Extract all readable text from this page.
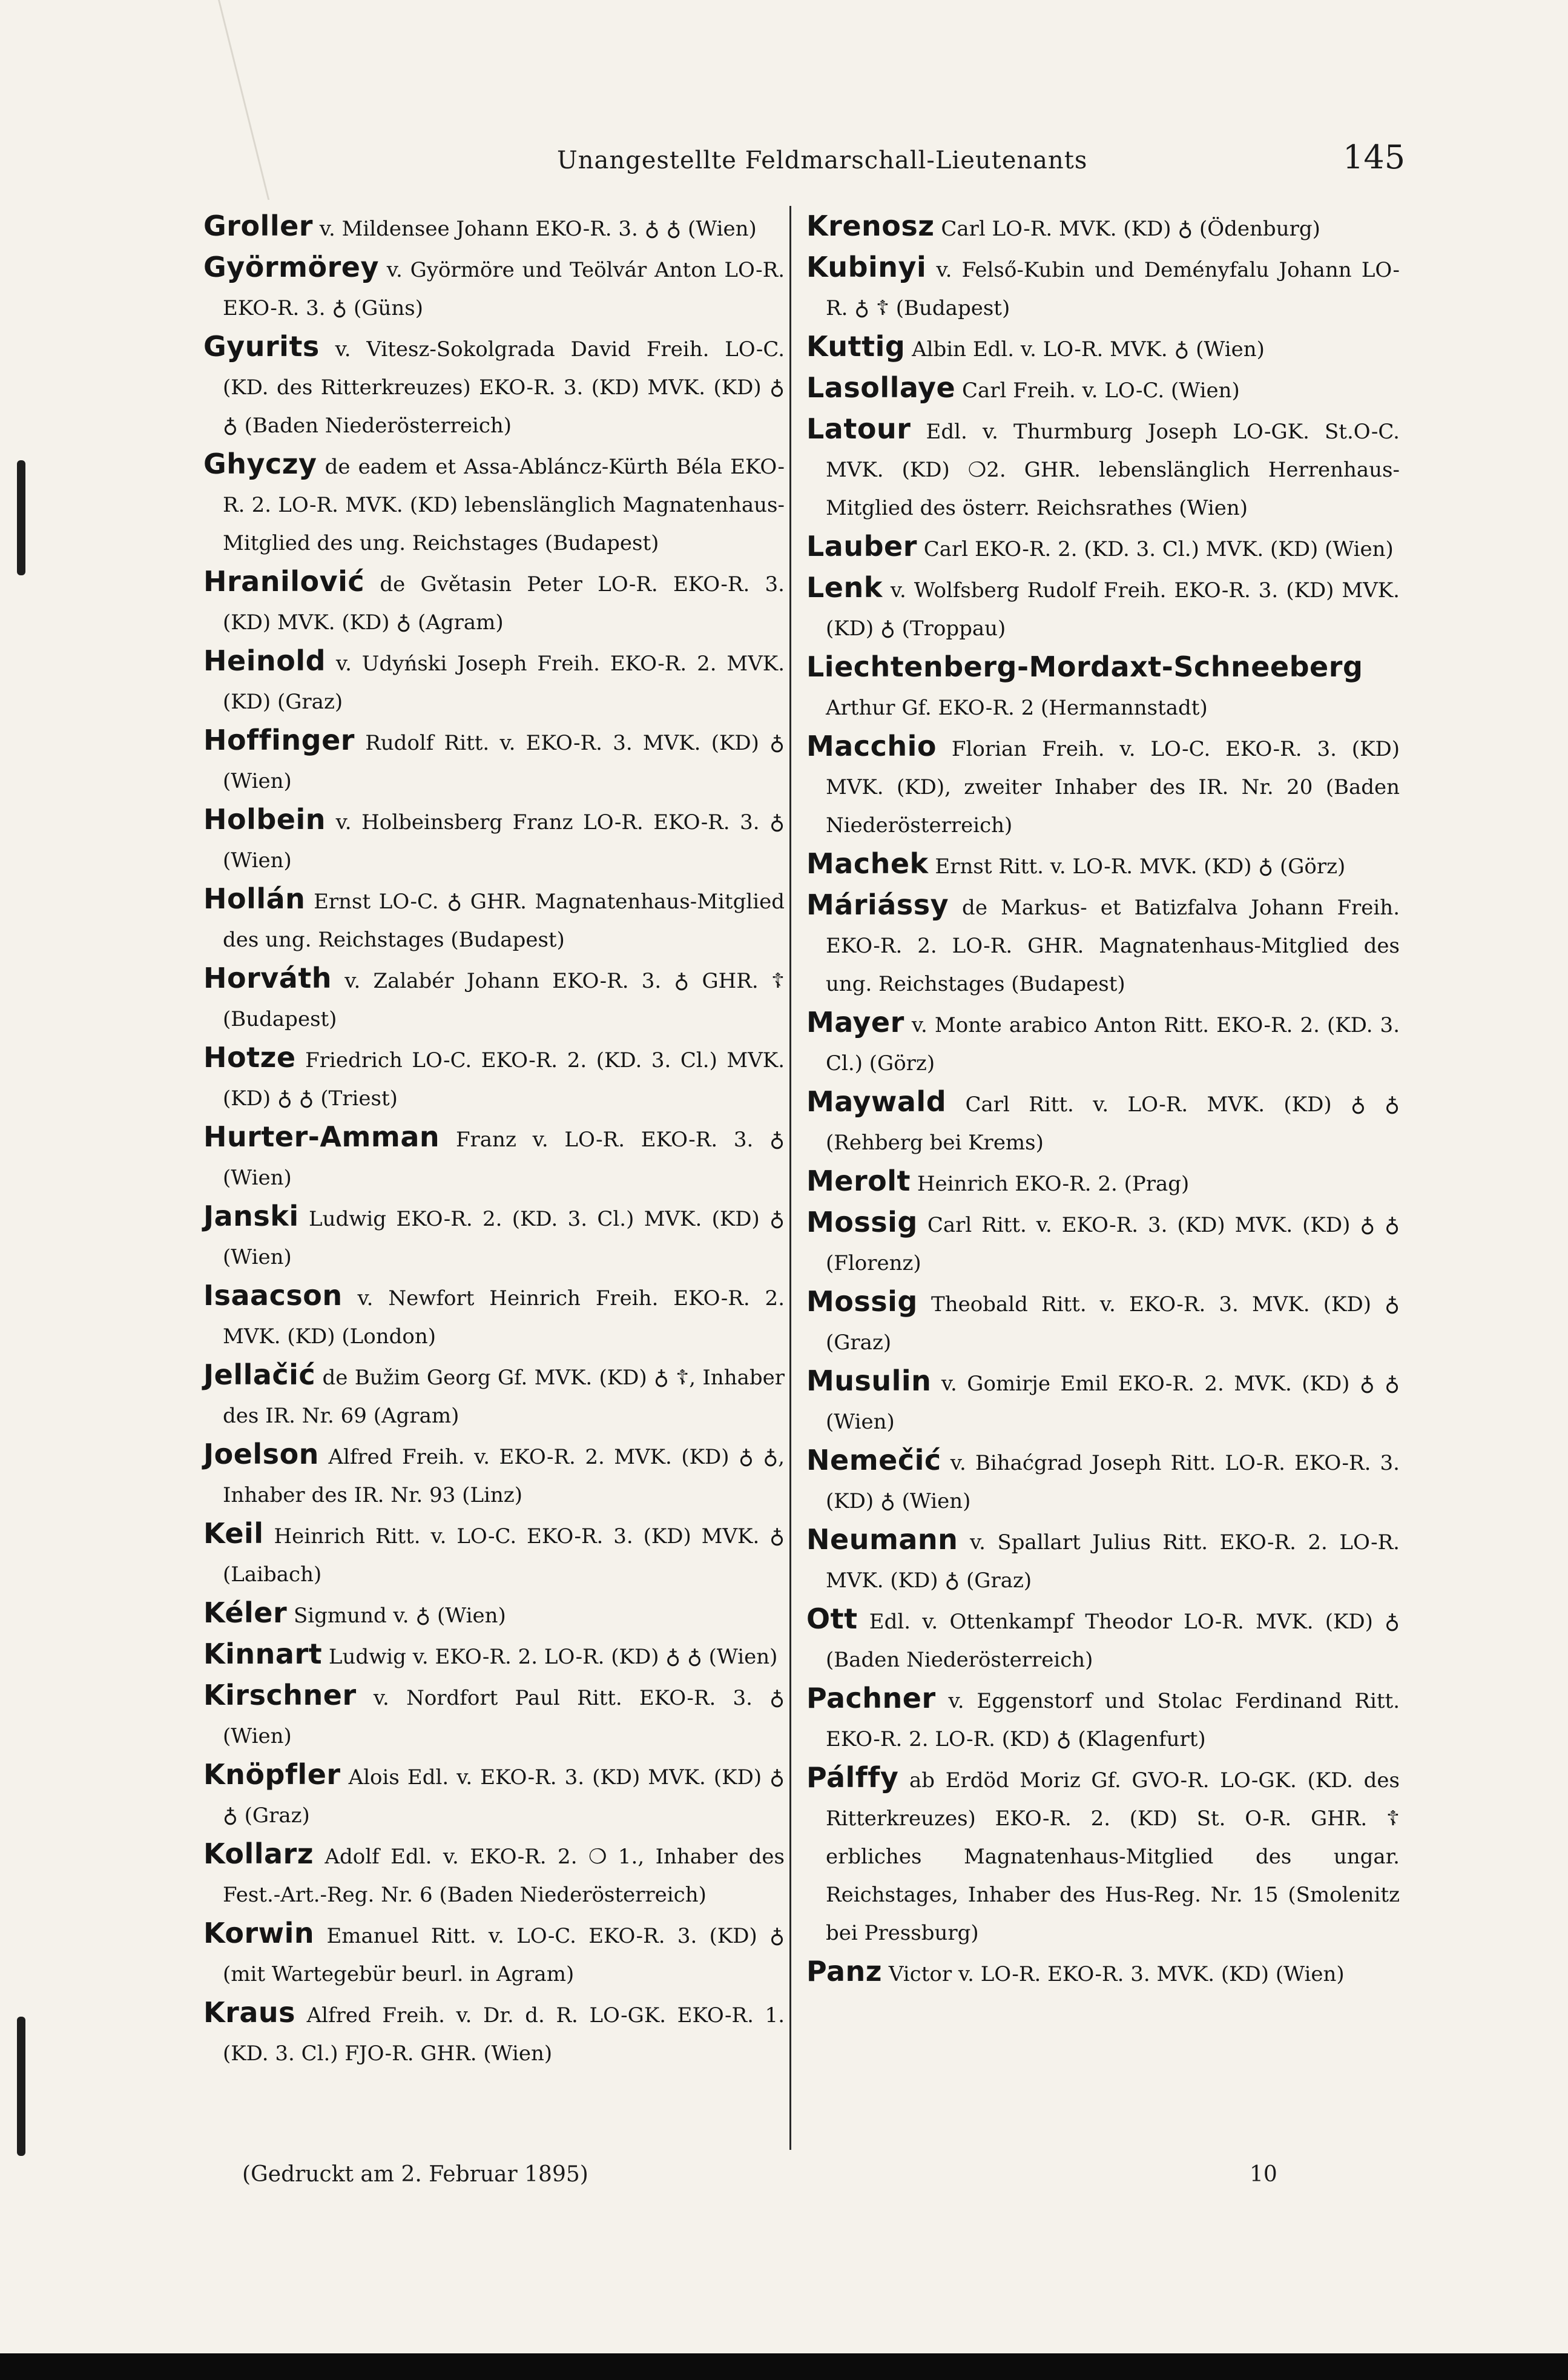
Unangestellte Feldmarschall-Lieutenants	145

Groller v. Mildensee Johann EKO-R. 3. ♁ ♁ (Wien)

Györmörey v. Györmöre und Teölvár Anton LO-R. EKO-R. 3. ♁ (Güns)

Gyurits v. Vitesz-Sokolgrada David Freih. LO-C. (KD. des Ritterkreuzes) EKO-R. 3. (KD) MVK. (KD) ♁ ♁ (Baden Niederösterreich)

Ghyczy de eadem et Assa-Abláncz-Kürth Béla EKO-R. 2. LO-R. MVK. (KD) lebenslänglich Magnatenhaus-Mitglied des ung. Reichstages (Budapest)

Hranilović de Gvětasin Peter LO-R. EKO-R. 3. (KD) MVK. (KD) ♁ (Agram)

Heinold v. Udyński Joseph Freih. EKO-R. 2. MVK. (KD) (Graz)

Hoffinger Rudolf Ritt. v. EKO-R. 3. MVK. (KD) ♁ (Wien)

Holbein v. Holbeinsberg Franz LO-R. EKO-R. 3. ♁ (Wien)

Hollán Ernst LO-C. ♁ GHR. Magnatenhaus-Mitglied des ung. Reichstages (Budapest)

Horváth v. Zalabér Johann EKO-R. 3. ♁ GHR. ☦ (Budapest)

Hotze Friedrich LO-C. EKO-R. 2. (KD. 3. Cl.) MVK. (KD) ♁ ♁ (Triest)

Hurter-Amman Franz v. LO-R. EKO-R. 3. ♁ (Wien)

Janski Ludwig EKO-R. 2. (KD. 3. Cl.) MVK. (KD) ♁ (Wien)

Isaacson v. Newfort Heinrich Freih. EKO-R. 2. MVK. (KD) (London)

Jellačić de Bužim Georg Gf. MVK. (KD) ♁ ☦, Inhaber des IR. Nr. 69 (Agram)

Joelson Alfred Freih. v. EKO-R. 2. MVK. (KD) ♁ ♁, Inhaber des IR. Nr. 93 (Linz)

Keil Heinrich Ritt. v. LO-C. EKO-R. 3. (KD) MVK. ♁ (Laibach)

Kéler Sigmund v. ♁ (Wien)

Kinnart Ludwig v. EKO-R. 2. LO-R. (KD) ♁ ♁ (Wien)

Kirschner v. Nordfort Paul Ritt. EKO-R. 3. ♁ (Wien)

Knöpfler Alois Edl. v. EKO-R. 3. (KD) MVK. (KD) ♁ ♁ (Graz)

Kollarz Adolf Edl. v. EKO-R. 2. ❍ 1., Inhaber des Fest.-Art.-Reg. Nr. 6 (Baden Niederösterreich)

Korwin Emanuel Ritt. v. LO-C. EKO-R. 3. (KD) ♁ (mit Wartegebür beurl. in Agram)

Kraus Alfred Freih. v. Dr. d. R. LO-GK. EKO-R. 1. (KD. 3. Cl.) FJO-R. GHR. (Wien)

Krenosz Carl LO-R. MVK. (KD) ♁ (Ödenburg)

Kubinyi v. Felső-Kubin und Deményfalu Johann LO-R. ♁ ☦ (Budapest)

Kuttig Albin Edl. v. LO-R. MVK. ♁ (Wien)

Lasollaye Carl Freih. v. LO-C. (Wien)

Latour Edl. v. Thurmburg Joseph LO-GK. St.O-C. MVK. (KD) ❍2. GHR. lebenslänglich Herrenhaus-Mitglied des österr. Reichsrathes (Wien)

Lauber Carl EKO-R. 2. (KD. 3. Cl.) MVK. (KD) (Wien)

Lenk v. Wolfsberg Rudolf Freih. EKO-R. 3. (KD) MVK. (KD) ♁ (Troppau)

Liechtenberg-Mordaxt-Schneeberg Arthur Gf. EKO-R. 2 (Hermannstadt)

Macchio Florian Freih. v. LO-C. EKO-R. 3. (KD) MVK. (KD), zweiter Inhaber des IR. Nr. 20 (Baden Niederösterreich)

Machek Ernst Ritt. v. LO-R. MVK. (KD) ♁ (Görz)

Máriássy de Markus- et Batizfalva Johann Freih. EKO-R. 2. LO-R. GHR. Magnatenhaus-Mitglied des ung. Reichstages (Budapest)

Mayer v. Monte arabico Anton Ritt. EKO-R. 2. (KD. 3. Cl.) (Görz)

Maywald Carl Ritt. v. LO-R. MVK. (KD) ♁ ♁ (Rehberg bei Krems)

Merolt Heinrich EKO-R. 2. (Prag)

Mossig Carl Ritt. v. EKO-R. 3. (KD) MVK. (KD) ♁ ♁ (Florenz)

Mossig Theobald Ritt. v. EKO-R. 3. MVK. (KD) ♁ (Graz)

Musulin v. Gomirje Emil EKO-R. 2. MVK. (KD) ♁ ♁ (Wien)

Nemečić v. Bihaćgrad Joseph Ritt. LO-R. EKO-R. 3. (KD) ♁ (Wien)

Neumann v. Spallart Julius Ritt. EKO-R. 2. LO-R. MVK. (KD) ♁ (Graz)

Ott Edl. v. Ottenkampf Theodor LO-R. MVK. (KD) ♁ (Baden Niederösterreich)

Pachner v. Eggenstorf und Stolac Ferdinand Ritt. EKO-R. 2. LO-R. (KD) ♁ (Klagenfurt)

Pálffy ab Erdöd Moriz Gf. GVO-R. LO-GK. (KD. des Ritterkreuzes) EKO-R. 2. (KD) St. O-R. GHR. ☦ erbliches Magnatenhaus-Mitglied des ungar. Reichstages, Inhaber des Hus-Reg. Nr. 15 (Smolenitz bei Pressburg)

Panz Victor v. LO-R. EKO-R. 3. MVK. (KD) (Wien)

(Gedruckt am 2. Februar 1895)	10
